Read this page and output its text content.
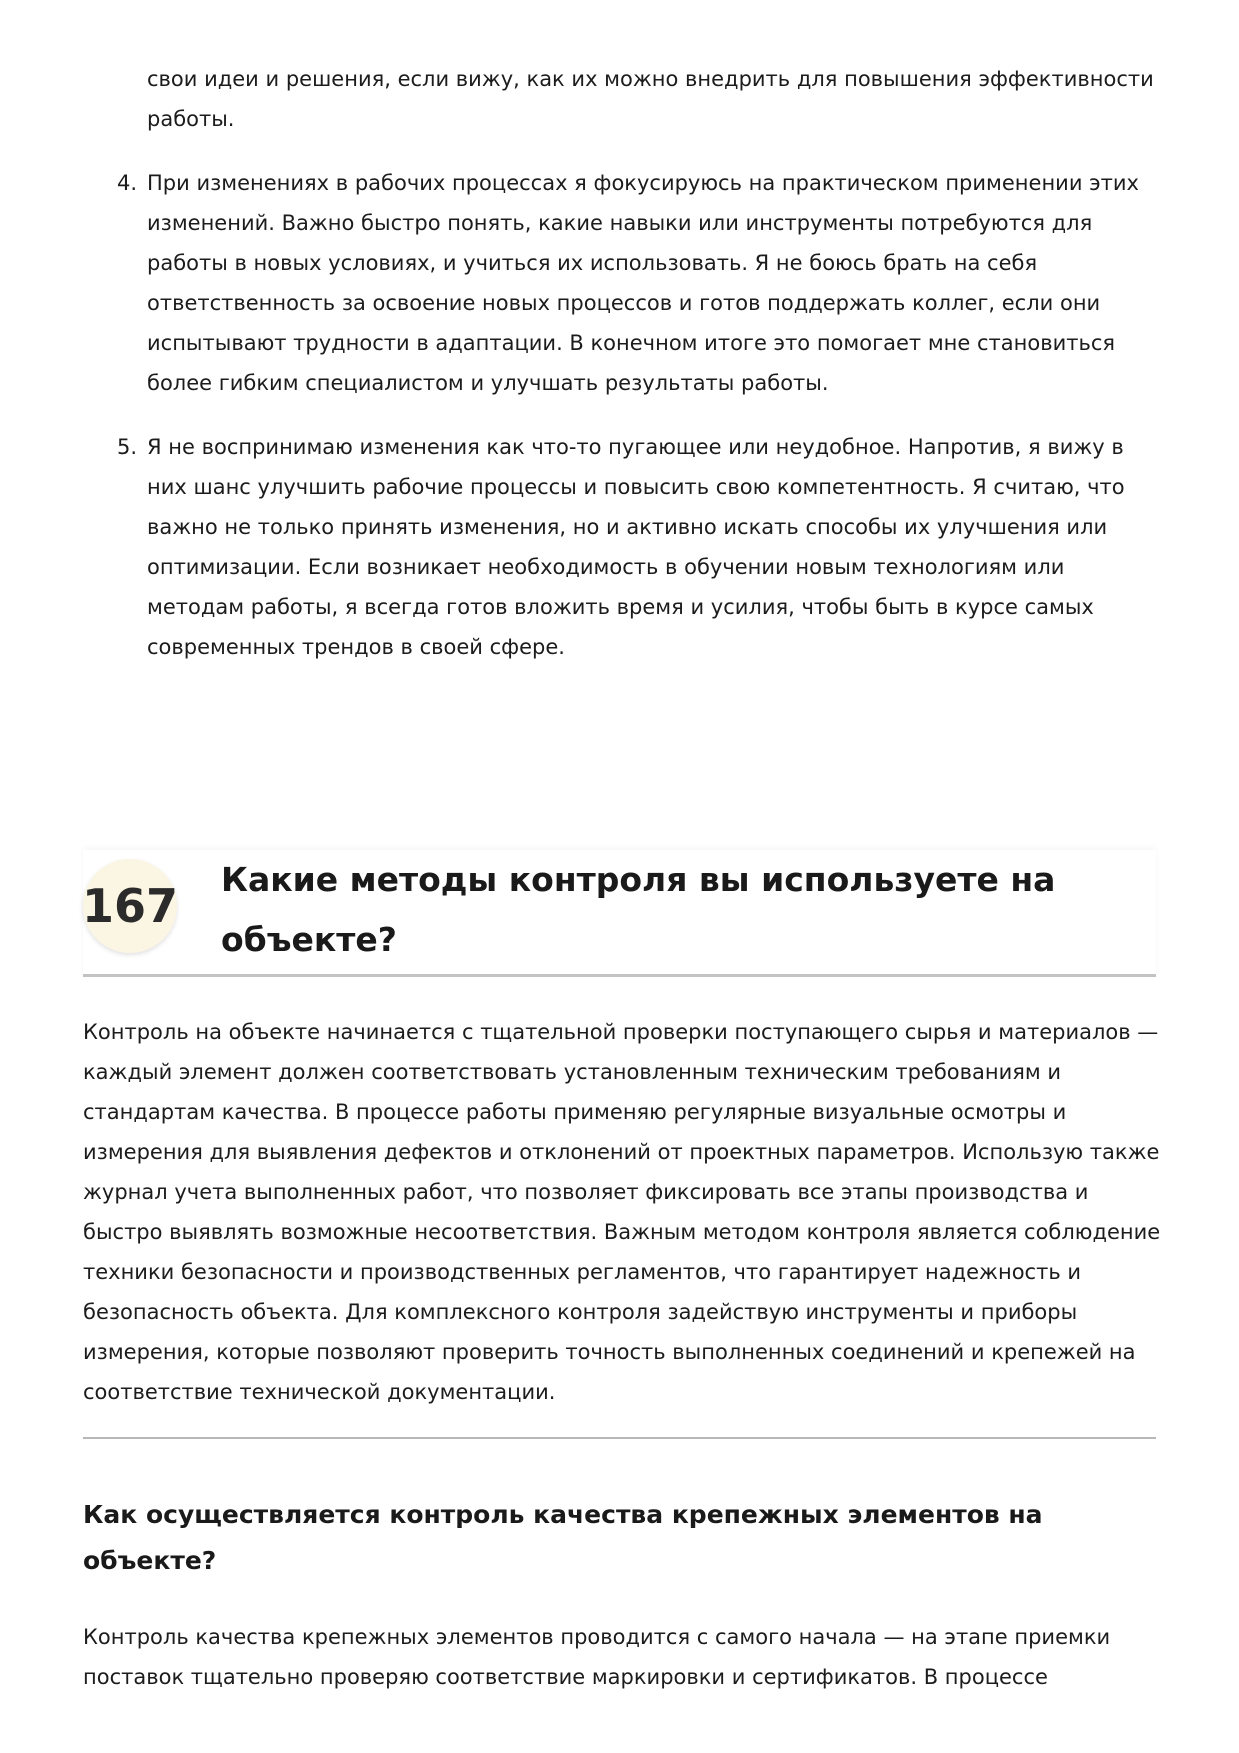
свои идеи и решения, если вижу, как их можно внедрить для повышения эффективности работы.
4. При изменениях в рабочих процессах я фокусируюсь на практическом применении этих изменений. Важно быстро понять, какие навыки или инструменты потребуются для работы в новых условиях, и учиться их использовать. Я не боюсь брать на себя ответственность за освоение новых процессов и готов поддержать коллег, если они испытывают трудности в адаптации. В конечном итоге это помогает мне становиться более гибким специалистом и улучшать результаты работы.
5. Я не воспринимаю изменения как что-то пугающее или неудобное. Напротив, я вижу в них шанс улучшить рабочие процессы и повысить свою компетентность. Я считаю, что важно не только принять изменения, но и активно искать способы их улучшения или оптимизации. Если возникает необходимость в обучении новым технологиям или методам работы, я всегда готов вложить время и усилия, чтобы быть в курсе самых современных трендов в своей сфере.
167 Какие методы контроля вы используете на объекте?

Контроль на объекте начинается с тщательной проверки поступающего сырья и материалов — каждый элемент должен соответствовать установленным техническим требованиям и стандартам качества. В процессе работы применяю регулярные визуальные осмотры и измерения для выявления дефектов и отклонений от проектных параметров. Использую также журнал учета выполненных работ, что позволяет фиксировать все этапы производства и быстро выявлять возможные несоответствия. Важным методом контроля является соблюдение техники безопасности и производственных регламентов, что гарантирует надежность и безопасность объекта. Для комплексного контроля задействую инструменты и приборы измерения, которые позволяют проверить точность выполненных соединений и крепежей на соответствие технической документации.

Как осуществляется контроль качества крепежных элементов на объекте?

Контроль качества крепежных элементов проводится с самого начала — на этапе приемки поставок тщательно проверяю соответствие маркировки и сертификатов. В процессе
